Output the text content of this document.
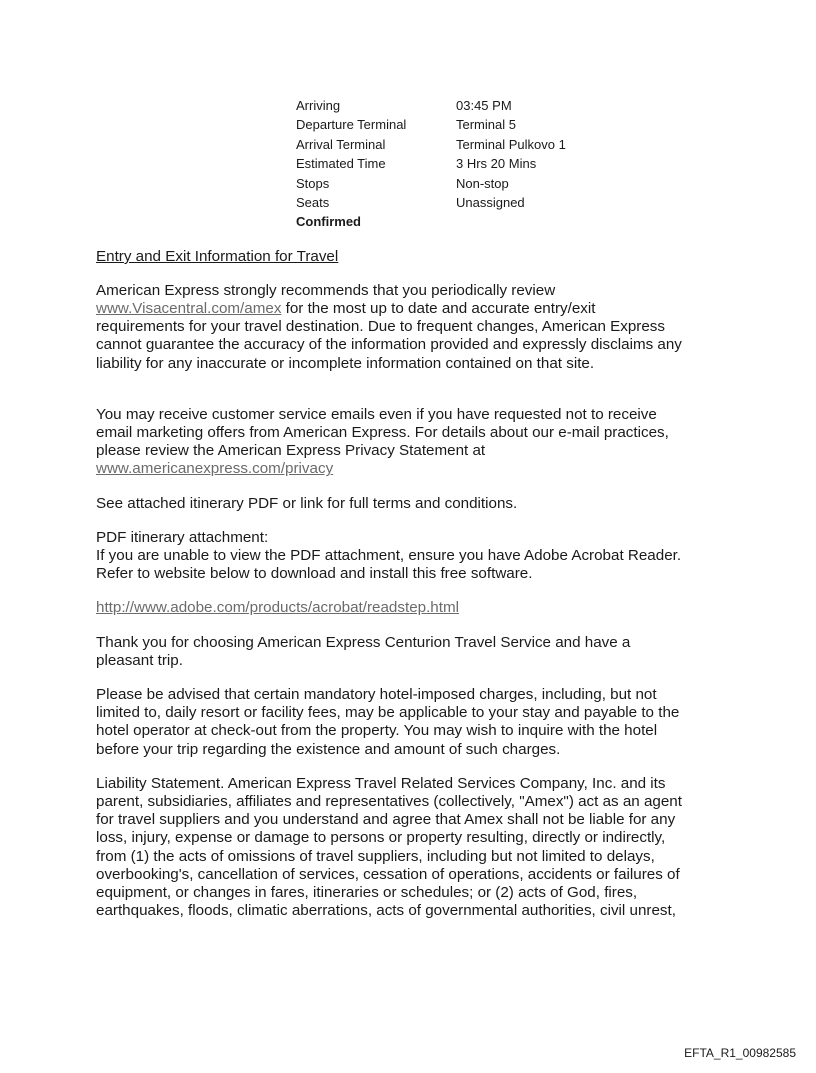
Arriving	03:45 PM
Departure Terminal	Terminal 5
Arrival Terminal	Terminal Pulkovo 1
Estimated Time	3 Hrs 20 Mins
Stops	Non-stop
Seats	Unassigned
Confirmed

Entry and Exit Information for Travel

American Express strongly recommends that you periodically review
www.Visacentral.com/amex for the most up to date and accurate entry/exit
requirements for your travel destination. Due to frequent changes, American Express
cannot guarantee the accuracy of the information provided and expressly disclaims any
liability for any inaccurate or incomplete information contained on that site.

You may receive customer service emails even if you have requested not to receive
email marketing offers from American Express. For details about our e-mail practices,
please review the American Express Privacy Statement at
www.americanexpress.com/privacy

See attached itinerary PDF or link for full terms and conditions.

PDF itinerary attachment:
If you are unable to view the PDF attachment, ensure you have Adobe Acrobat Reader.
Refer to website below to download and install this free software.

http://www.adobe.com/products/acrobat/readstep.html

Thank you for choosing American Express Centurion Travel Service and have a
pleasant trip.

Please be advised that certain mandatory hotel-imposed charges, including, but not
limited to, daily resort or facility fees, may be applicable to your stay and payable to the
hotel operator at check-out from the property. You may wish to inquire with the hotel
before your trip regarding the existence and amount of such charges.

Liability Statement. American Express Travel Related Services Company, Inc. and its
parent, subsidiaries, affiliates and representatives (collectively, "Amex") act as an agent
for travel suppliers and you understand and agree that Amex shall not be liable for any
loss, injury, expense or damage to persons or property resulting, directly or indirectly,
from (1) the acts of omissions of travel suppliers, including but not limited to delays,
overbooking's, cancellation of services, cessation of operations, accidents or failures of
equipment, or changes in fares, itineraries or schedules; or (2) acts of God, fires,
earthquakes, floods, climatic aberrations, acts of governmental authorities, civil unrest,

EFTA_R1_00982585
